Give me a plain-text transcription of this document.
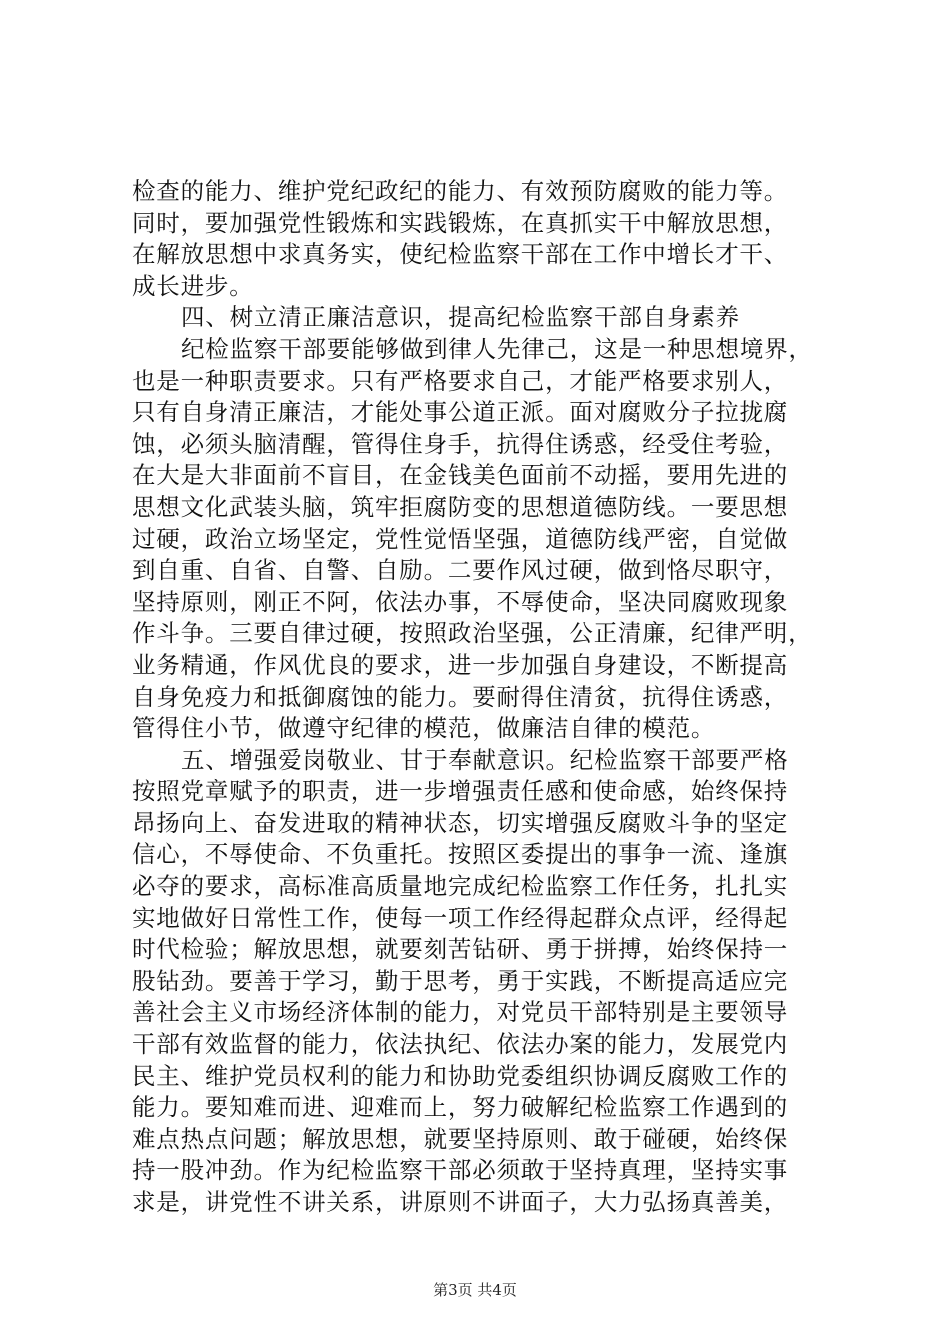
检查的能力、维护党纪政纪的能力、有效预防腐败的能力等。
同时，要加强党性锻炼和实践锻炼，在真抓实干中解放思想，
在解放思想中求真务实，使纪检监察干部在工作中增长才干、
成长进步。
四、树立清正廉洁意识，提高纪检监察干部自身素养
纪检监察干部要能够做到律人先律己，这是一种思想境界，
也是一种职责要求。只有严格要求自己，才能严格要求别人，
只有自身清正廉洁，才能处事公道正派。面对腐败分子拉拢腐
蚀，必须头脑清醒，管得住身手，抗得住诱惑，经受住考验，
在大是大非面前不盲目，在金钱美色面前不动摇，要用先进的
思想文化武装头脑，筑牢拒腐防变的思想道德防线。一要思想
过硬，政治立场坚定，党性觉悟坚强，道德防线严密，自觉做
到自重、自省、自警、自励。二要作风过硬，做到恪尽职守，
坚持原则，刚正不阿，依法办事，不辱使命，坚决同腐败现象
作斗争。三要自律过硬，按照政治坚强，公正清廉，纪律严明，
业务精通，作风优良的要求，进一步加强自身建设，不断提高
自身免疫力和抵御腐蚀的能力。要耐得住清贫，抗得住诱惑，
管得住小节，做遵守纪律的模范，做廉洁自律的模范。
五、增强爱岗敬业、甘于奉献意识。纪检监察干部要严格
按照党章赋予的职责，进一步增强责任感和使命感，始终保持
昂扬向上、奋发进取的精神状态，切实增强反腐败斗争的坚定
信心，不辱使命、不负重托。按照区委提出的事争一流、逢旗
必夺的要求，高标准高质量地完成纪检监察工作任务，扎扎实
实地做好日常性工作，使每一项工作经得起群众点评，经得起
时代检验；解放思想，就要刻苦钻研、勇于拼搏，始终保持一
股钻劲。要善于学习，勤于思考，勇于实践，不断提高适应完
善社会主义市场经济体制的能力，对党员干部特别是主要领导
干部有效监督的能力，依法执纪、依法办案的能力，发展党内
民主、维护党员权利的能力和协助党委组织协调反腐败工作的
能力。要知难而进、迎难而上，努力破解纪检监察工作遇到的
难点热点问题；解放思想，就要坚持原则、敢于碰硬，始终保
持一股冲劲。作为纪检监察干部必须敢于坚持真理，坚持实事
求是，讲党性不讲关系，讲原则不讲面子，大力弘扬真善美，
第3页 共4页
